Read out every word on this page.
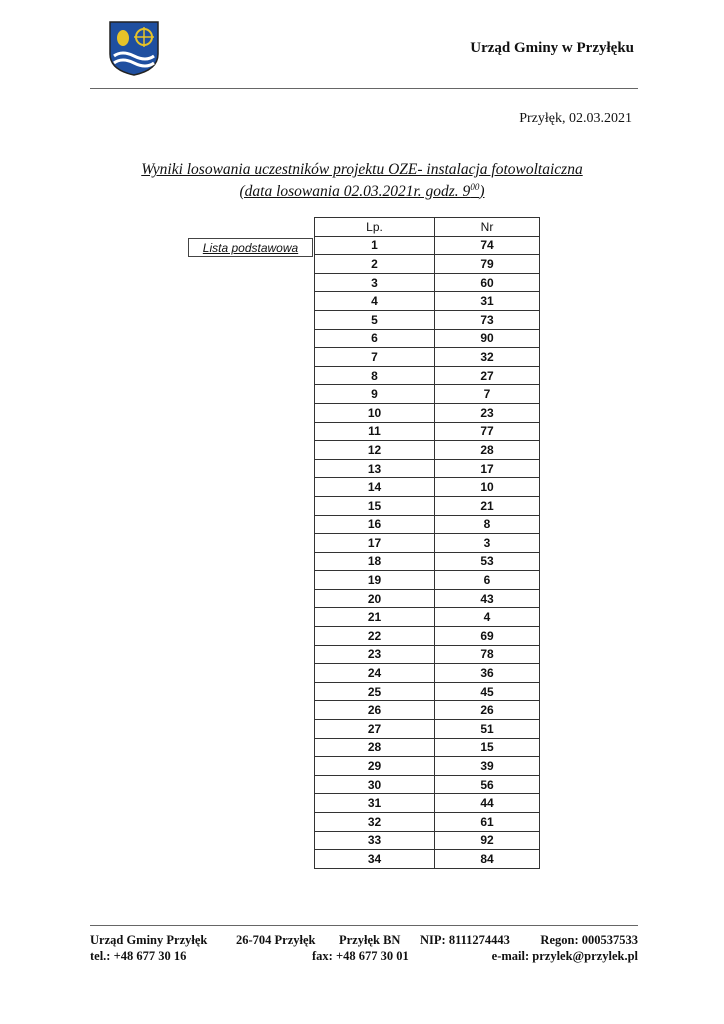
Urząd Gminy w Przyłęku
Przyłęk, 02.03.2021
Wyniki losowania uczestników projektu OZE- instalacja fotowoltaiczna
(data losowania 02.03.2021r. godz. $9^{00}$)
Lista podstawowa
Lp.	Nr
1	74
2	79
3	60
4	31
5	73
6	90
7	32
8	27
9	7
10	23
11	77
12	28
13	17
14	10
15	21
16	8
17	3
18	53
19	6
20	43
21	4
22	69
23	78
24	36
25	45
26	26
27	51
28	15
29	39
30	56
31	44
32	61
33	92
34	84
Urząd Gminy Przyłęk 26-704 Przyłęk Przyłęk BN NIP: 8111274443 Regon: 000537533
tel.: +48 677 30 16	fax: +48 677 30 01	e-mail: przylek@przylek.pl
